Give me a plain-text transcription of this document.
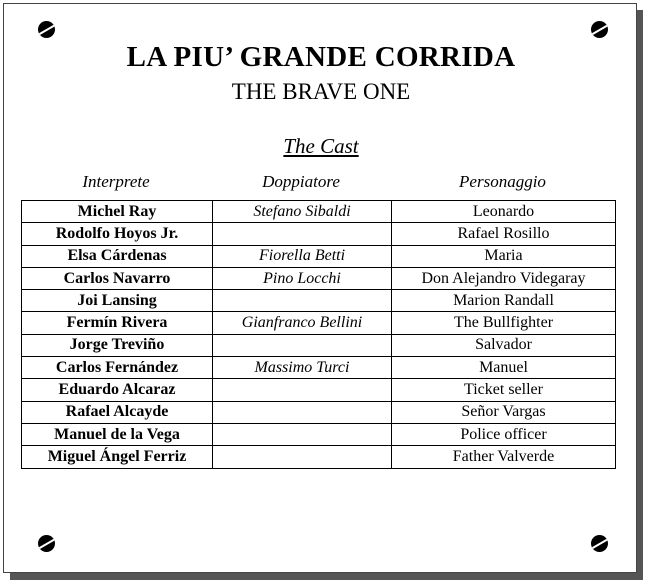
LA PIU’ GRANDE CORRIDA
THE BRAVE ONE
The Cast
Interprete	Doppiatore	Personaggio
Michel Ray	Stefano Sibaldi	Leonardo
Rodolfo Hoyos Jr.		Rafael Rosillo
Elsa Cárdenas	Fiorella Betti	Maria
Carlos Navarro	Pino Locchi	Don Alejandro Videgaray
Joi Lansing		Marion Randall
Fermín Rivera	Gianfranco Bellini	The Bullfighter
Jorge Treviño		Salvador
Carlos Fernández	Massimo Turci	Manuel
Eduardo Alcaraz		Ticket seller
Rafael Alcayde		Señor Vargas
Manuel de la Vega		Police officer
Miguel Ángel Ferriz		Father Valverde
